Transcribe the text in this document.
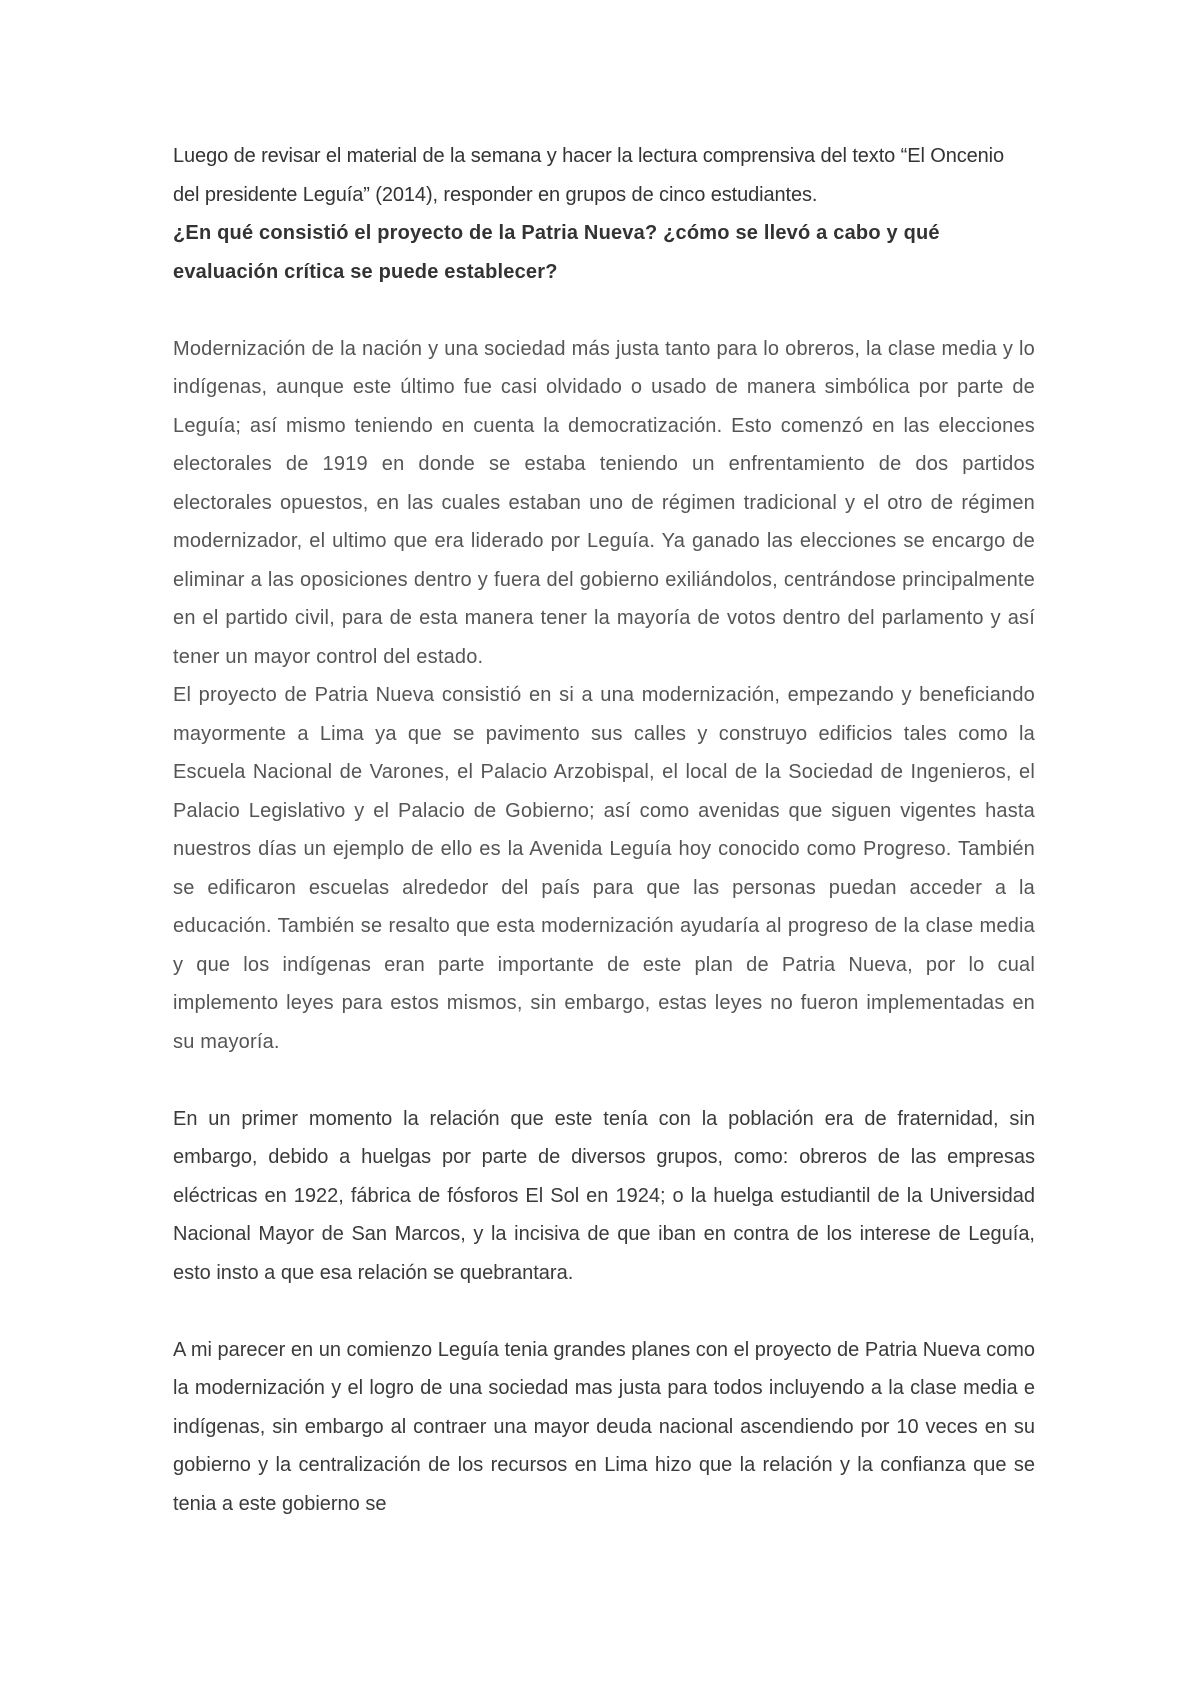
Luego de revisar el material de la semana y hacer la lectura comprensiva del texto “El Oncenio del presidente Leguía” (2014), responder en grupos de cinco estudiantes.

¿En qué consistió el proyecto de la Patria Nueva? ¿cómo se llevó a cabo y qué evaluación crítica se puede establecer?

Modernización de la nación y una sociedad más justa tanto para lo obreros, la clase media y lo indígenas, aunque este último fue casi olvidado o usado de manera simbólica por parte de Leguía; así mismo teniendo en cuenta la democratización. Esto comenzó en las elecciones electorales de 1919 en donde se estaba teniendo un enfrentamiento de dos partidos electorales opuestos, en las cuales estaban uno de régimen tradicional y el otro de régimen modernizador, el ultimo que era liderado por Leguía. Ya ganado las elecciones se encargo de eliminar a las oposiciones dentro y fuera del gobierno exiliándolos, centrándose principalmente en el partido civil, para de esta manera tener la mayoría de votos dentro del parlamento y así tener un mayor control del estado.

El proyecto de Patria Nueva consistió en si a una modernización, empezando y beneficiando mayormente a Lima ya que se pavimento sus calles y construyo edificios tales como la Escuela Nacional de Varones, el Palacio Arzobispal, el local de la Sociedad de Ingenieros, el Palacio Legislativo y el Palacio de Gobierno; así como avenidas que siguen vigentes hasta nuestros días un ejemplo de ello es la Avenida Leguía hoy conocido como Progreso. También se edificaron escuelas alrededor del país para que las personas puedan acceder a la educación. También se resalto que esta modernización ayudaría al progreso de la clase media y que los indígenas eran parte importante de este plan de Patria Nueva, por lo cual implemento leyes para estos mismos, sin embargo, estas leyes no fueron implementadas en su mayoría.

En un primer momento la relación que este tenía con la población era de fraternidad, sin embargo, debido a huelgas por parte de diversos grupos, como: obreros de las empresas eléctricas en 1922, fábrica de fósforos El Sol en 1924; o la huelga estudiantil de la Universidad Nacional Mayor de San Marcos, y la incisiva de que iban en contra de los interese de Leguía, esto insto a que esa relación se quebrantara.

A mi parecer en un comienzo Leguía tenia grandes planes con el proyecto de Patria Nueva como la modernización y el logro de una sociedad mas justa para todos incluyendo a la clase media e indígenas, sin embargo al contraer una mayor deuda nacional ascendiendo por 10 veces en su gobierno y la centralización de los recursos en Lima hizo que la relación y la confianza que se tenia a este gobierno se
